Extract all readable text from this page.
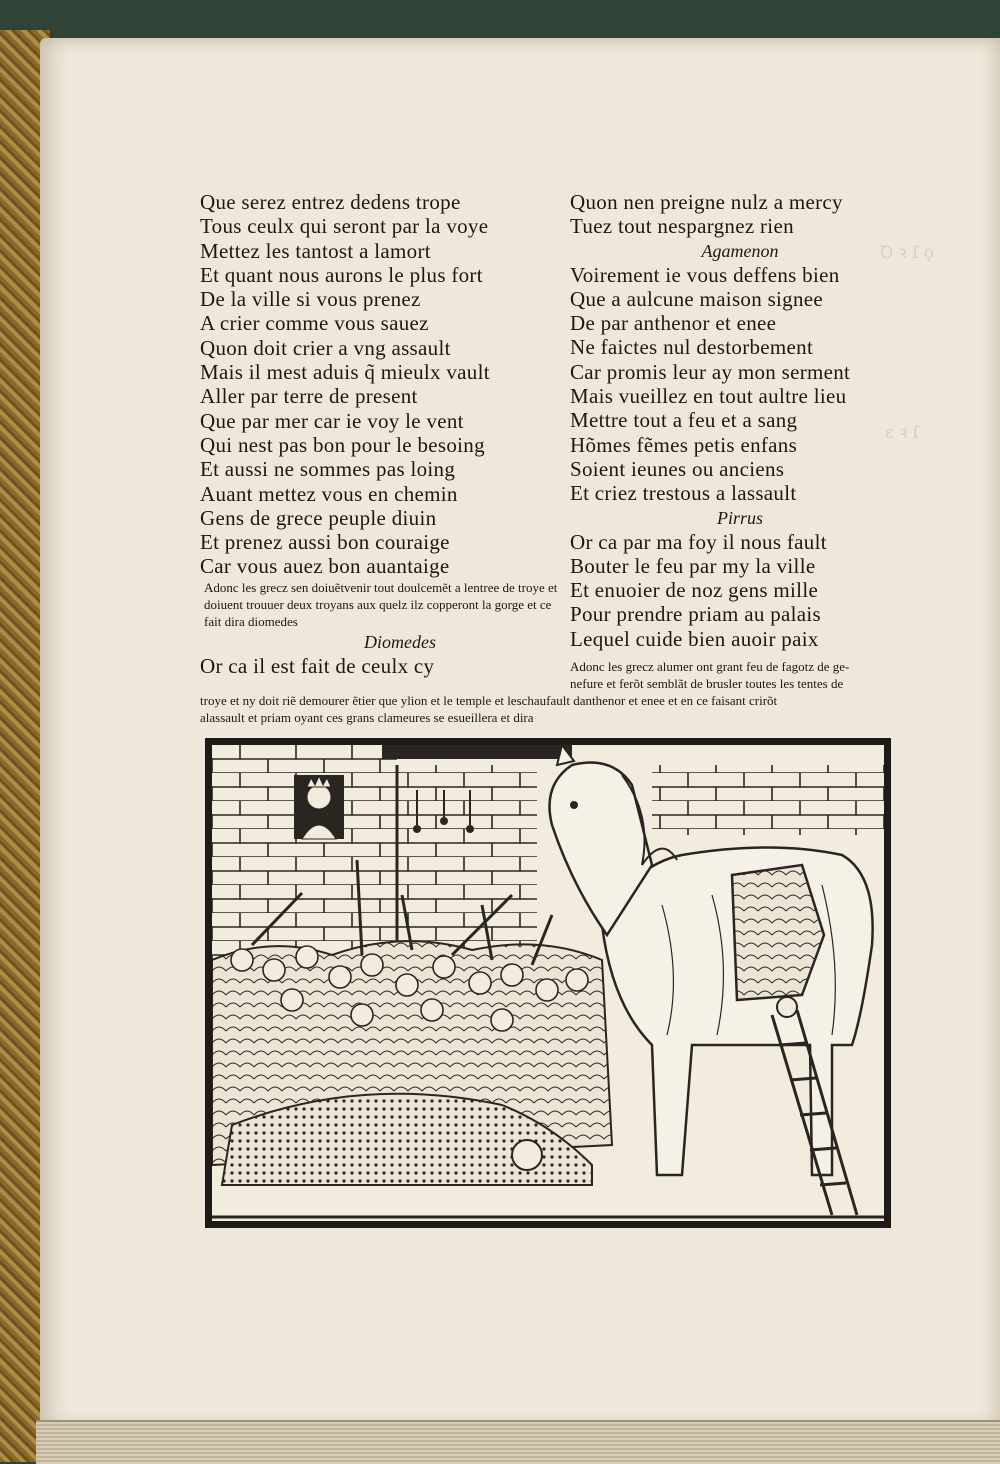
Ꝺ ꝛ ſ ǫ
ɛ ꝛ ſ
Que serez entrez dedens trope
Tous ceulx qui seront par la voye
Mettez les tantost a lamort
Et quant nous aurons le plus fort
De la ville si vous prenez
A crier comme vous sauez
Quon doit crier a vng assault
Mais il mest aduis q̃ mieulx vault
Aller par terre de present
Que par mer car ie voy le vent
Qui nest pas bon pour le besoing
Et aussi ne sommes pas loing
Auant mettez vous en chemin
Gens de grece peuple diuin
Et prenez aussi bon couraige
Car vous auez bon auantaige
Adonc les grecz sen doiuẽtvenir tout doulcemẽt a lentree de troye et doiuent trouuer deux troyans aux quelz ilz copperont la gorge et ce fait dira diomedes
Diomedes
Or ca il est fait de ceulx cy
Quon nen preigne nulz a mercy
Tuez tout nespargnez rien
Agamenon
Voirement ie vous deffens bien
Que a aulcune maison signee
De par anthenor et enee
Ne faictes nul destorbement
Car promis leur ay mon serment
Mais vueillez en tout aultre lieu
Mettre tout a feu et a sang
Hõmes fẽmes petis enfans
Soient ieunes ou anciens
Et criez trestous a lassault
Pirrus
Or ca par ma foy il nous fault
Bouter le feu par my la ville
Et enuoier de noz gens mille
Pour prendre priam au palais
Lequel cuide bien auoir paix
Adonc les grecz alumer ont grant feu de fagotz de ge-
nefure et ferõt semblãt de brusler toutes les tentes de
troye et ny doit riẽ demourer ẽtier que ylion et le temple et leschaufault danthenor et enee et en ce faisant crirõt
alassault et priam oyant ces grans clameures se esueillera et dira
